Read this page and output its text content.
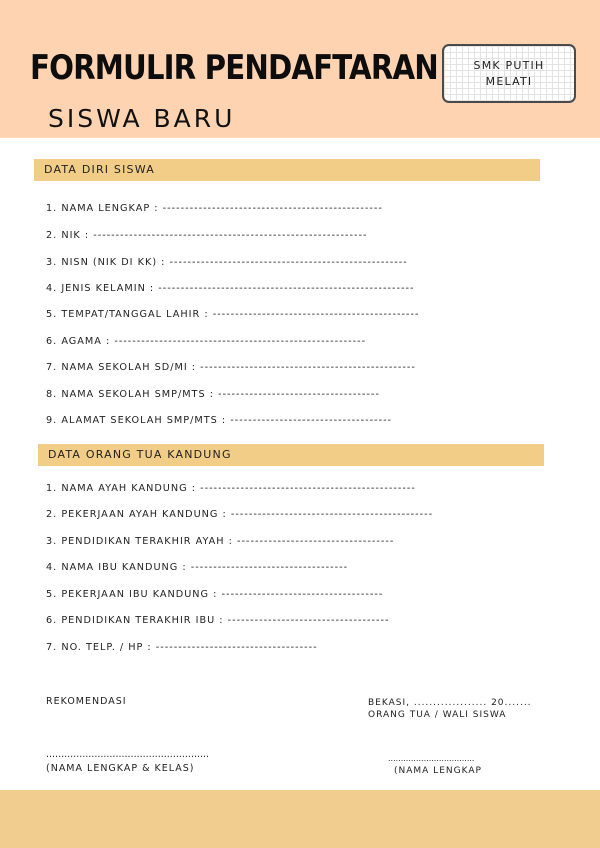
FORMULIR PENDAFTARAN
SISWA BARU
SMK PUTIH MELATI
DATA DIRI SISWA
1. NAMA LENGKAP : -------------------------------------------------
2. NIK : -------------------------------------------------------------
3. NISN (NIK DI KK) : -----------------------------------------------------
4. JENIS KELAMIN : ---------------------------------------------------------
5. TEMPAT/TANGGAL LAHIR : ----------------------------------------------
6. AGAMA : --------------------------------------------------------
7. NAMA SEKOLAH SD/MI : ------------------------------------------------
8. NAMA SEKOLAH SMP/MTS : ------------------------------------
9. ALAMAT SEKOLAH SMP/MTS : ------------------------------------
DATA ORANG TUA KANDUNG
1. NAMA AYAH KANDUNG : ------------------------------------------------
2. PEKERJAAN AYAH KANDUNG : ---------------------------------------------
3. PENDIDIKAN TERAKHIR AYAH : -----------------------------------
4. NAMA IBU KANDUNG : -----------------------------------
5. PEKERJAAN IBU KANDUNG : ------------------------------------
6. PENDIDIKAN TERAKHIR IBU : ------------------------------------
7. NO. TELP. / HP : ------------------------------------
REKOMENDASI
......................................................
(NAMA LENGKAP & KELAS)
BEKASI, ................... 20.......
ORANG TUA / WALI SISWA
..................................
(NAMA LENGKAP
